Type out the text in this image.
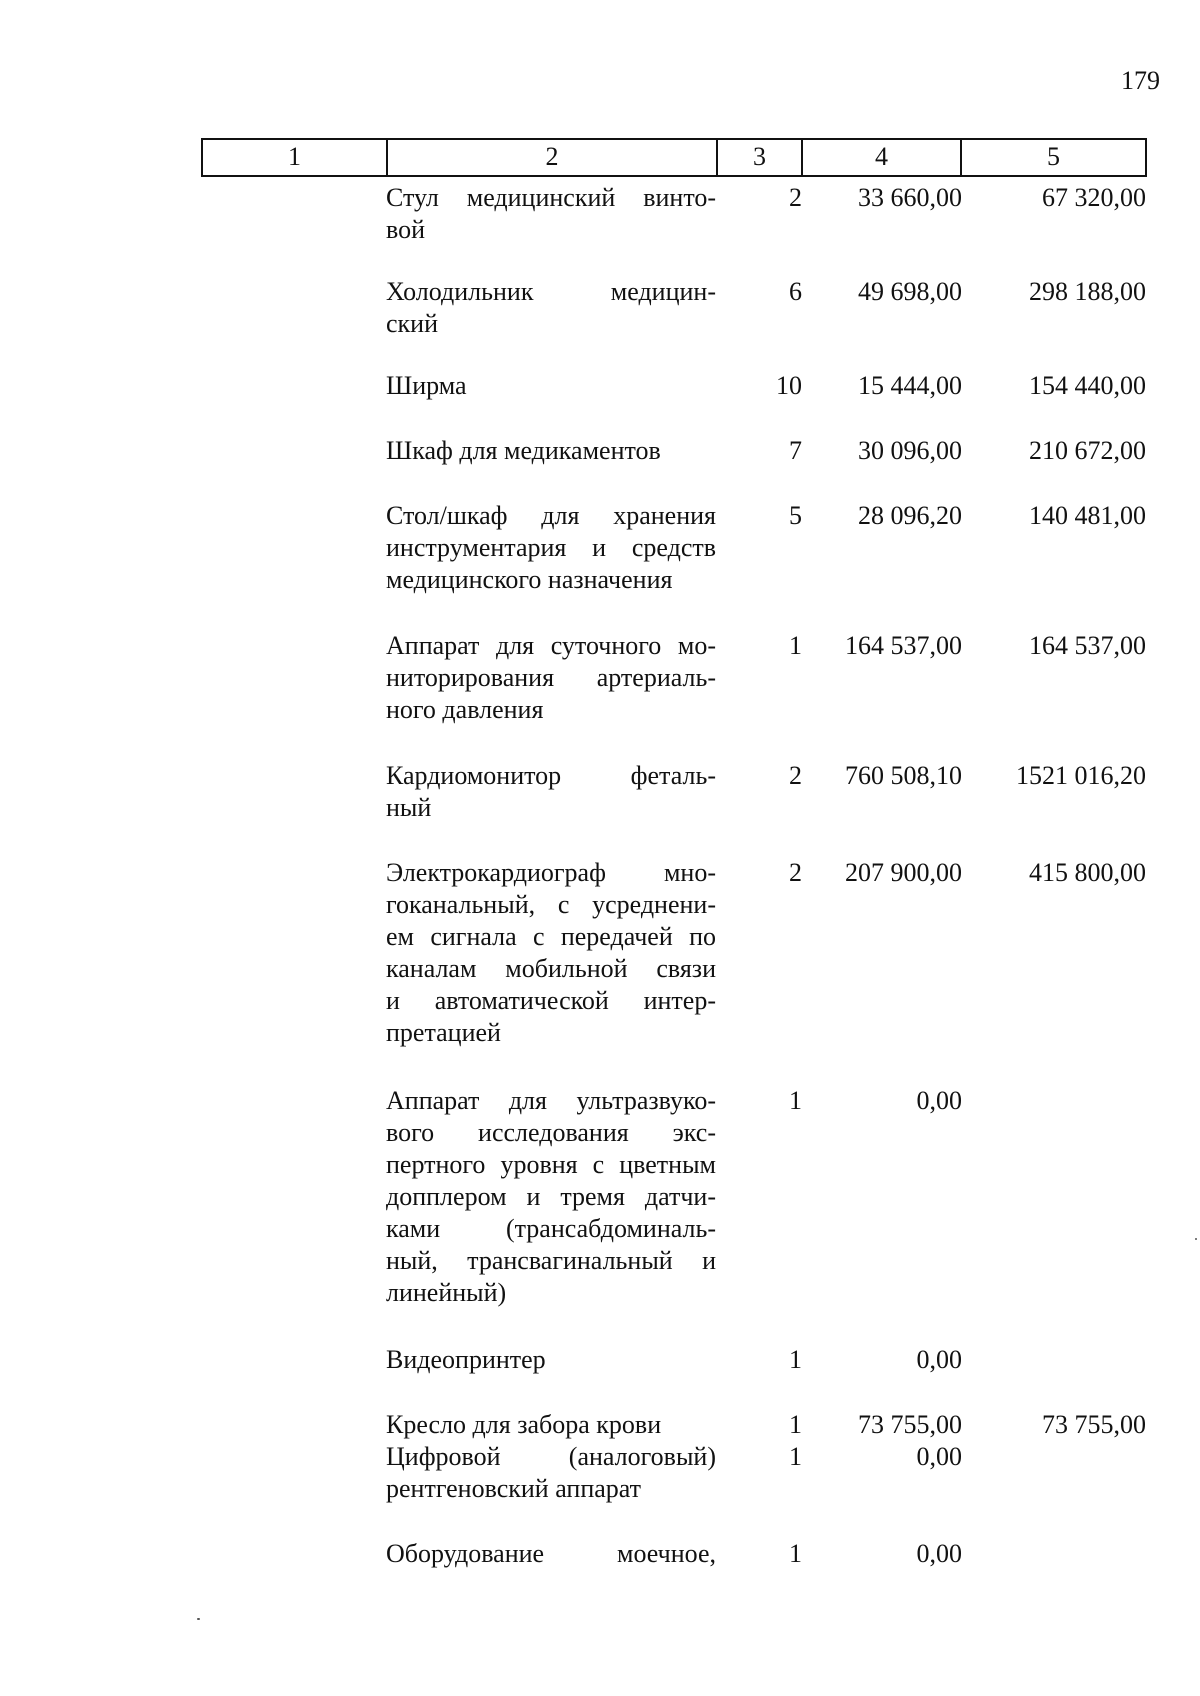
179
1	2	3	4	5
Стул медицинский винто-
вой
2	33 660,00	67 320,00
Холодильник медицин-
ский
6	49 698,00	298 188,00
Ширма	10	15 444,00	154 440,00
Шкаф для медикаментов	7	30 096,00	210 672,00
Стол/шкаф для хранения
инструментария и средств
медицинского назначения
5	28 096,20	140 481,00
Аппарат для суточного мо-
ниторирования артериаль-
ного давления
1	164 537,00	164 537,00
Кардиомонитор феталь-
ный
2	760 508,10	1521 016,20
Электрокардиограф мно-
гоканальный, с усреднени-
ем сигнала с передачей по
каналам мобильной связи
и автоматической интер-
претацией
2	207 900,00	415 800,00
Аппарат для ультразвуко-
вого исследования экс-
пертного уровня с цветным
допплером и тремя датчи-
ками (трансабдоминаль-
ный, трансвагинальный и
линейный)
1	0,00
Видеопринтер	1	0,00
Кресло для забора крови	1	73 755,00	73 755,00
Цифровой (аналоговый)
рентгеновский аппарат
1	0,00
Оборудование моечное,	1	0,00
